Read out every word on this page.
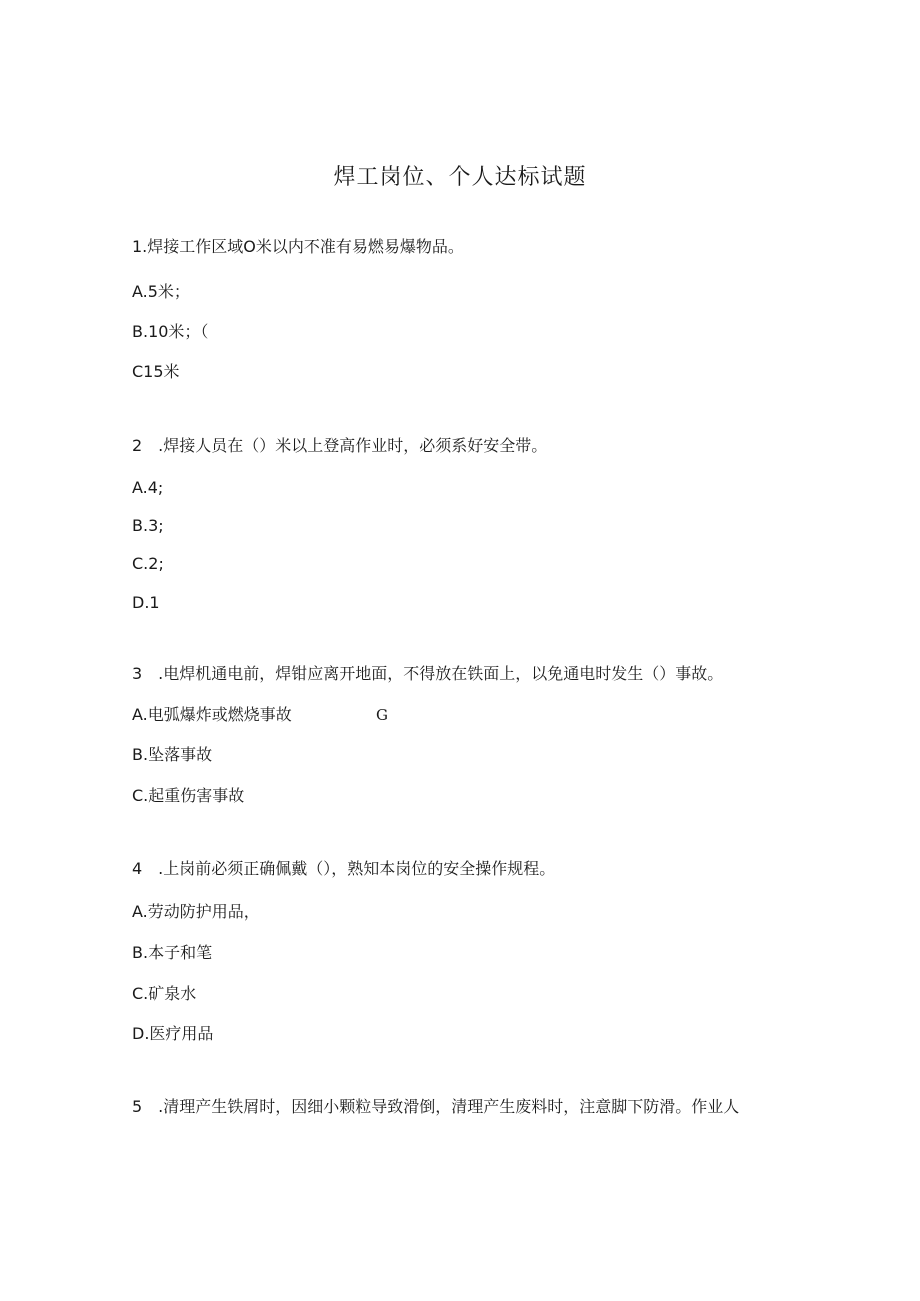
焊工岗位、个人达标试题

1.焊接工作区域O米以内不准有易燃易爆物品。

A.5米；

B.10米；（

C15米

2　.焊接人员在（）米以上登高作业时，必须系好安全带。

A.4;

B.3;

C.2;

D.1

3　.电焊机通电前，焊钳应离开地面，不得放在铁面上，以免通电时发生（）事故。

A.电弧爆炸或燃烧事故	G

B.坠落事故

C.起重伤害事故

4　.上岗前必须正确佩戴（），熟知本岗位的安全操作规程。

A.劳动防护用品，

B.本子和笔

C.矿泉水

D.医疗用品

5　.清理产生铁屑时，因细小颗粒导致滑倒，清理产生废料时，注意脚下防滑。作业人
